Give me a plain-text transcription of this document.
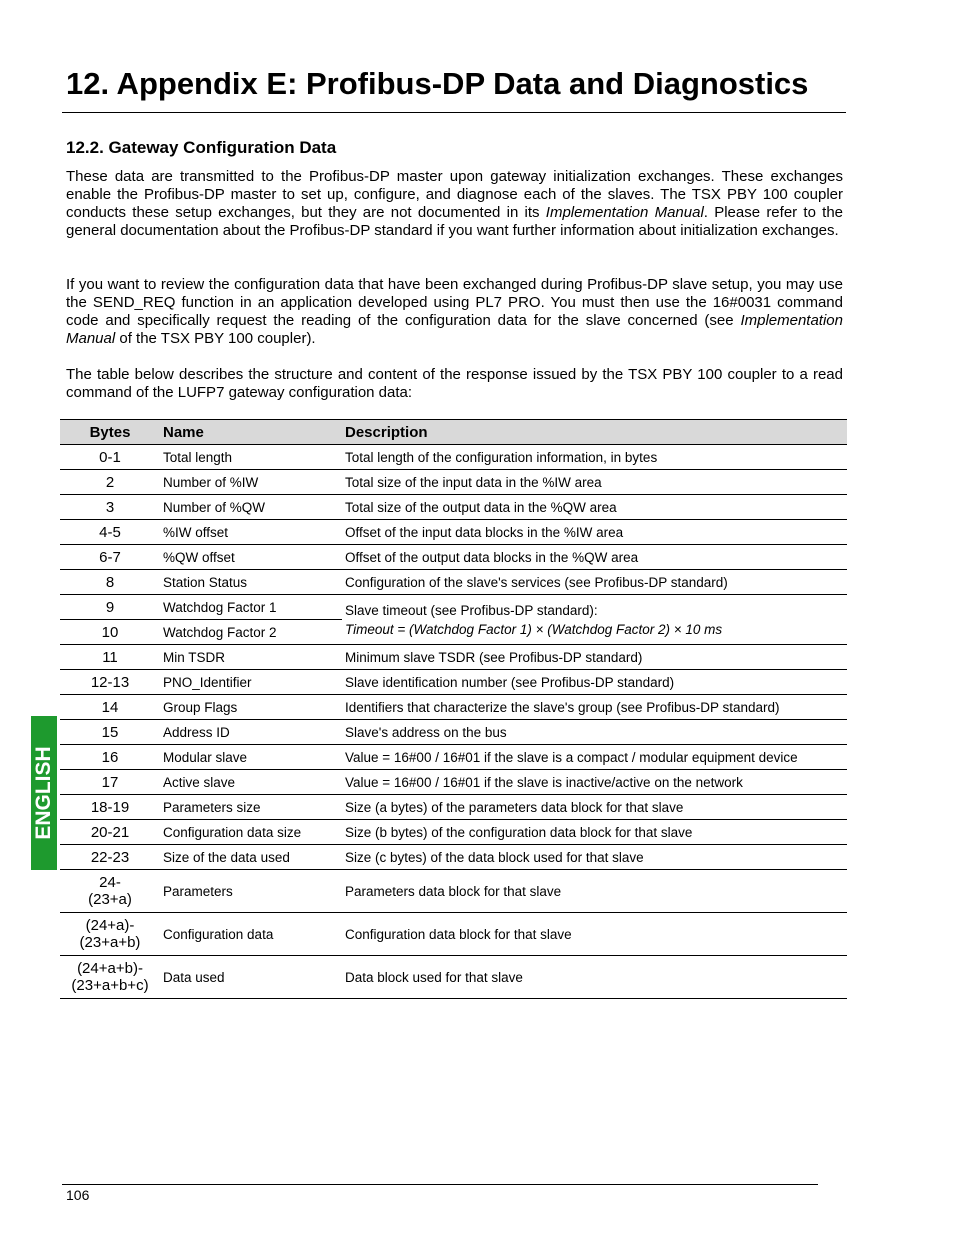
12. Appendix E: Profibus-DP Data and Diagnostics
12.2. Gateway Configuration Data

These data are transmitted to the Profibus-DP master upon gateway initialization exchanges. These exchanges enable the Profibus-DP master to set up, configure, and diagnose each of the slaves. The TSX PBY 100 coupler conducts these setup exchanges, but they are not documented in its Implementation Manual. Please refer to the general documentation about the Profibus-DP standard if you want further information about initialization exchanges.

If you want to review the configuration data that have been exchanged during Profibus-DP slave setup, you may use the SEND_REQ function in an application developed using PL7 PRO. You must then use the 16#0031 command code and specifically request the reading of the configuration data for the slave concerned (see Implementation Manual of the TSX PBY 100 coupler).

The table below describes the structure and content of the response issued by the TSX PBY 100 coupler to a read command of the LUFP7 gateway configuration data:

ENGLISH
Bytes	Name	Description
0-1	Total length	Total length of the configuration information, in bytes
2	Number of %IW	Total size of the input data in the %IW area
3	Number of %QW	Total size of the output data in the %QW area
4-5	%IW offset	Offset of the input data blocks in the %IW area
6-7	%QW offset	Offset of the output data blocks in the %QW area
8	Station Status	Configuration of the slave's services (see Profibus-DP standard)
9	Watchdog Factor 1	Slave timeout (see Profibus-DP standard):
Timeout = (Watchdog Factor 1) × (Watchdog Factor 2) × 10 ms

10	Watchdog Factor 2	
11	Min TSDR	Minimum slave TSDR (see Profibus-DP standard)
12-13	PNO_Identifier	Slave identification number (see Profibus-DP standard)
14	Group Flags	Identifiers that characterize the slave's group (see Profibus-DP standard)
15	Address ID	Slave's address on the bus
16	Modular slave	Value = 16#00 / 16#01 if the slave is a compact / modular equipment device
17	Active slave	Value = 16#00 / 16#01 if the slave is inactive/active on the network
18-19	Parameters size	Size (a bytes) of the parameters data block for that slave
20-21	Configuration data size	Size (b bytes) of the configuration data block for that slave
22-23	Size of the data used	Size (c bytes) of the data block used for that slave
24-
(23+a)	Parameters	Parameters data block for that slave
(24+a)-
(23+a+b)	Configuration data	Configuration data block for that slave
(24+a+b)-
(23+a+b+c)	Data used	Data block used for that slave
106
